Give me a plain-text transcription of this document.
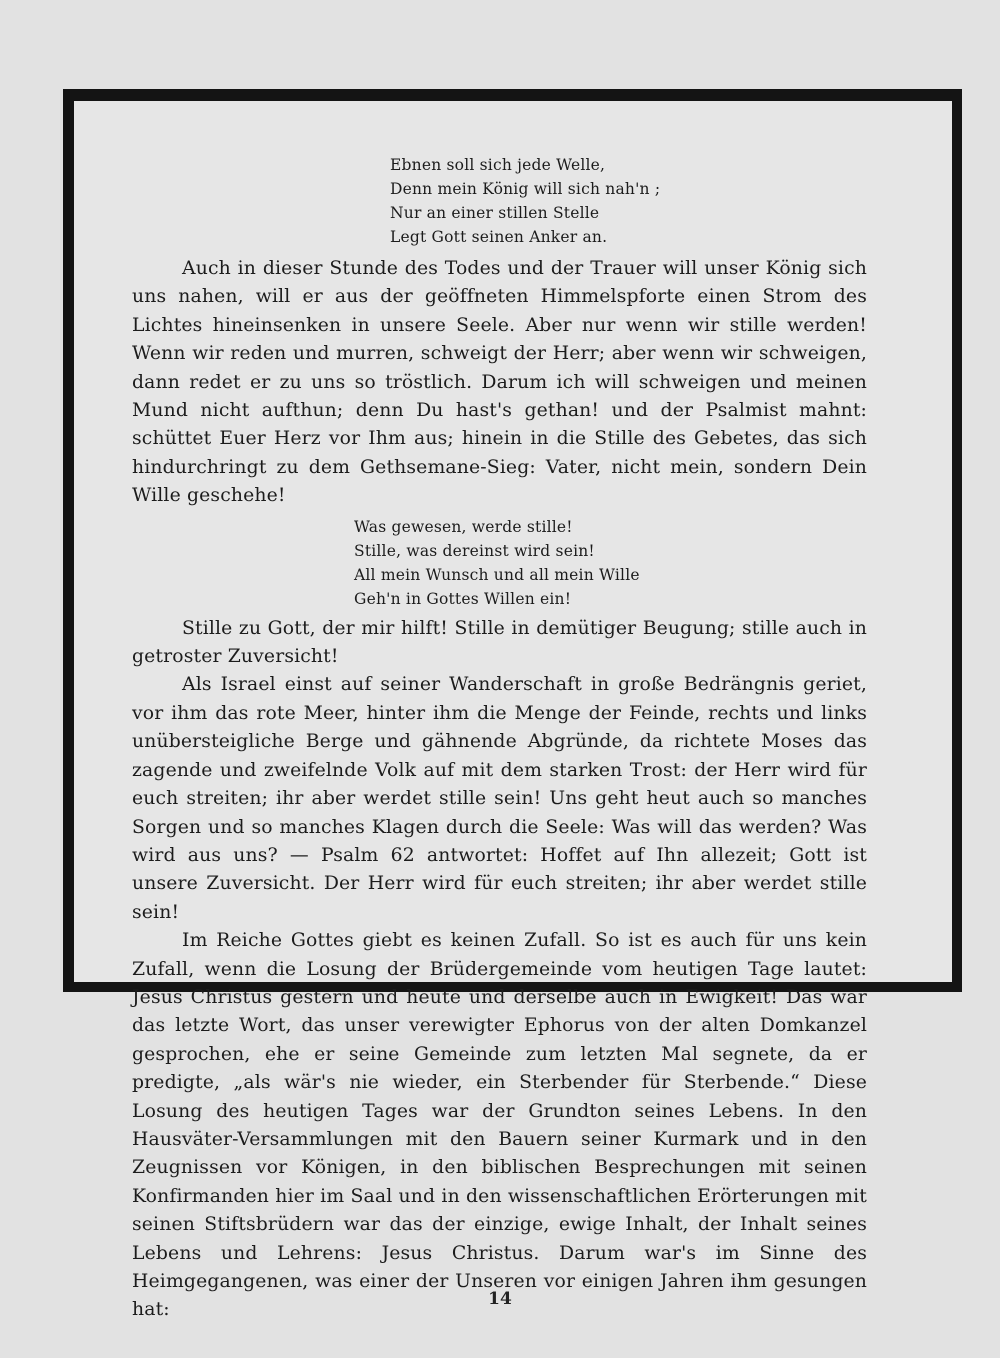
Ebnen soll sich jede Welle,
Denn mein König will sich nah'n ;
Nur an einer stillen Stelle
Legt Gott seinen Anker an.

Auch in dieser Stunde des Todes und der Trauer will unser König sich uns nahen, will er aus der geöffneten Himmelspforte einen Strom des Lichtes hineinsenken in unsere Seele. Aber nur wenn wir stille werden! Wenn wir reden und murren, schweigt der Herr; aber wenn wir schweigen, dann redet er zu uns so tröstlich. Darum ich will schweigen und meinen Mund nicht aufthun; denn Du hast's gethan! und der Psalmist mahnt: schüttet Euer Herz vor Ihm aus; hinein in die Stille des Gebetes, das sich hindurchringt zu dem Gethsemane-Sieg: Vater, nicht mein, sondern Dein Wille geschehe!

Was gewesen, werde stille!
Stille, was dereinst wird sein!
All mein Wunsch und all mein Wille
Geh'n in Gottes Willen ein!

Stille zu Gott, der mir hilft! Stille in demütiger Beugung; stille auch in getroster Zuversicht!

Als Israel einst auf seiner Wanderschaft in große Bedrängnis geriet, vor ihm das rote Meer, hinter ihm die Menge der Feinde, rechts und links unübersteigliche Berge und gähnende Abgründe, da richtete Moses das zagende und zweifelnde Volk auf mit dem starken Trost: der Herr wird für euch streiten; ihr aber werdet stille sein! Uns geht heut auch so manches Sorgen und so manches Klagen durch die Seele: Was will das werden? Was wird aus uns? — Psalm 62 antwortet: Hoffet auf Ihn allezeit; Gott ist unsere Zuversicht. Der Herr wird für euch streiten; ihr aber werdet stille sein!

Im Reiche Gottes giebt es keinen Zufall. So ist es auch für uns kein Zufall, wenn die Losung der Brüdergemeinde vom heutigen Tage lautet: Jesus Christus gestern und heute und derselbe auch in Ewigkeit! Das war das letzte Wort, das unser verewigter Ephorus von der alten Domkanzel gesprochen, ehe er seine Gemeinde zum letzten Mal segnete, da er predigte, „als wär's nie wieder, ein Sterbender für Sterbende.“ Diese Losung des heutigen Tages war der Grundton seines Lebens. In den Hausväter-Versammlungen mit den Bauern seiner Kurmark und in den Zeugnissen vor Königen, in den biblischen Besprechungen mit seinen Konfirmanden hier im Saal und in den wissenschaftlichen Erörterungen mit seinen Stiftsbrüdern war das der einzige, ewige Inhalt, der Inhalt seines Lebens und Lehrens: Jesus Christus. Darum war's im Sinne des Heimgegangenen, was einer der Unseren vor einigen Jahren ihm gesungen hat:

14
